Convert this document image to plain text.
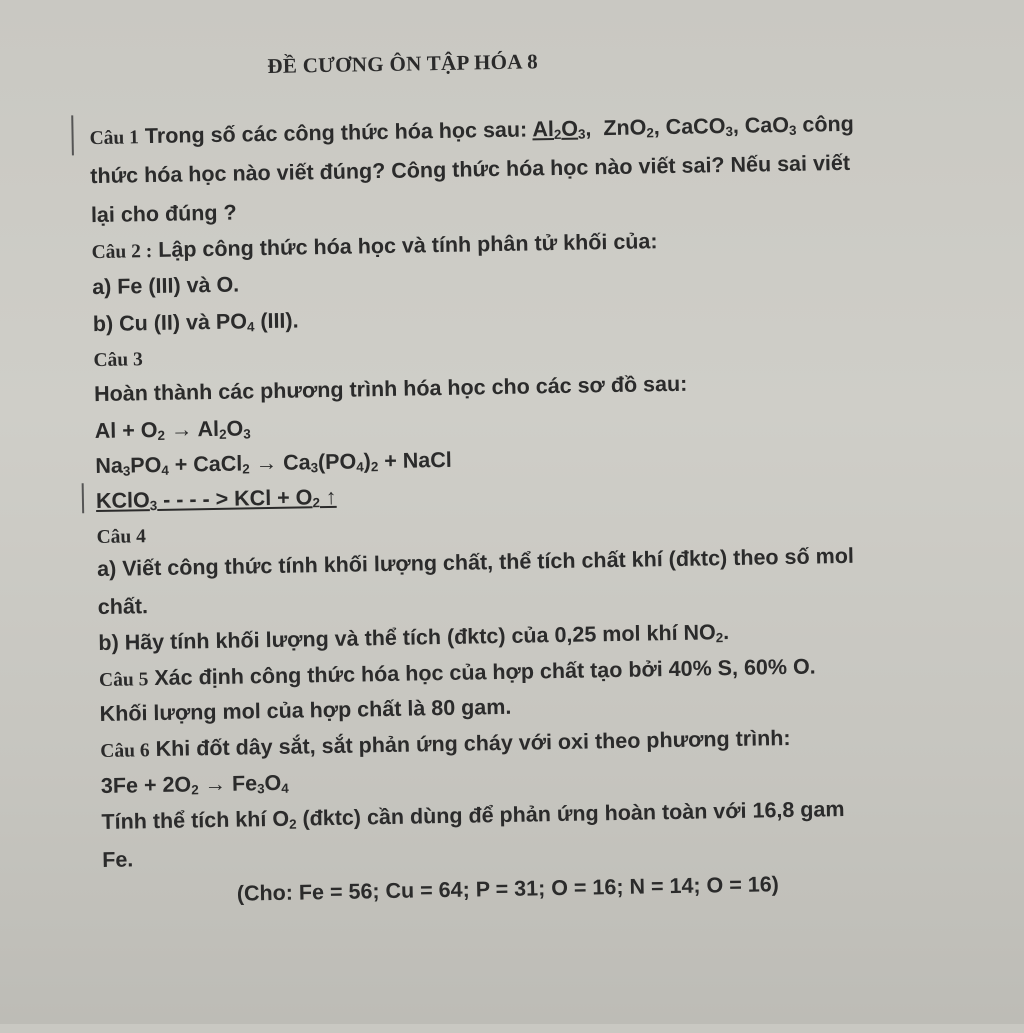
ĐỀ CƯƠNG ÔN TẬP HÓA 8
Câu 1 Trong số các công thức hóa học sau: $Al_2O_3$,  ZnO$_2$, CaCO$_3$, CaO$_3$ công
thức hóa học nào viết đúng? Công thức hóa học nào viết sai? Nếu sai viết
lại cho đúng ?
Câu 2 : Lập công thức hóa học và tính phân tử khối của:
a) Fe (III) và O.
b) Cu (II) và $PO_4$ (III).
Câu 3
Hoàn thành các phương trình hóa học cho các sơ đồ sau:
$Al + O_2 \to Al_2O_3$
$Na_3PO_4$ + CaCl$_2$ → $Ca_3(PO_4)_2$ + NaCl
KClO$_3$ - - - - > KCl + $O_2$ ↑
Câu 4
a) Viết công thức tính khối lượng chất, thể tích chất khí (đktc) theo số mol
chất.
b) Hãy tính khối lượng và thể tích (đktc) của 0,25 mol khí $NO_2$.
Câu 5 Xác định công thức hóa học của hợp chất tạo bởi 40% S, 60% O.
Khối lượng mol của hợp chất là 80 gam.
Câu 6 Khi đốt dây sắt, sắt phản ứng cháy với oxi theo phương trình:
$3Fe + 2O_2 \to Fe_3O_4$
Tính thể tích khí $O_2$ (đktc) cần dùng để phản ứng hoàn toàn với 16,8 gam
Fe.
(Cho: Fe = 56; Cu = 64; P = 31; O = 16; N = 14; O = 16)
